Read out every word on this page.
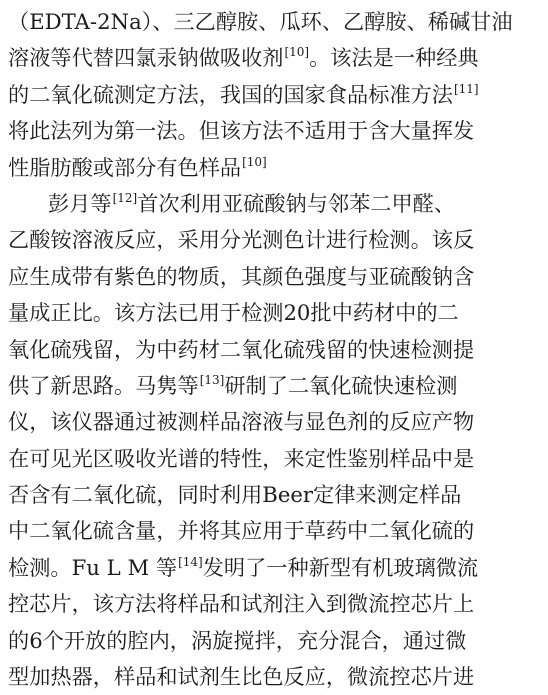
（EDTA-2Na）、三乙醇胺、瓜环、乙醇胺、稀碱甘油
溶液等代替四氯汞钠做吸收剂[10]。该法是一种经典
的二氧化硫测定方法，我国的国家食品标准方法[11]
将此法列为第一法。但该方法不适用于含大量挥发
性脂肪酸或部分有色样品[10]
彭月等[12]首次利用亚硫酸钠与邻苯二甲醛、
乙酸铵溶液反应，采用分光测色计进行检测。该反
应生成带有紫色的物质，其颜色强度与亚硫酸钠含
量成正比。该方法已用于检测20批中药材中的二
氧化硫残留，为中药材二氧化硫残留的快速检测提
供了新思路。马隽等[13]研制了二氧化硫快速检测
仪，该仪器通过被测样品溶液与显色剂的反应产物
在可见光区吸收光谱的特性，来定性鉴别样品中是
否含有二氧化硫，同时利用Beer定律来测定样品
中二氧化硫含量，并将其应用于草药中二氧化硫的
检测。Fu L M 等[14]发明了一种新型有机玻璃微流
控芯片，该方法将样品和试剂注入到微流控芯片上
的6个开放的腔内，涡旋搅拌，充分混合，通过微
型加热器，样品和试剂生比色反应，微流控芯片进
